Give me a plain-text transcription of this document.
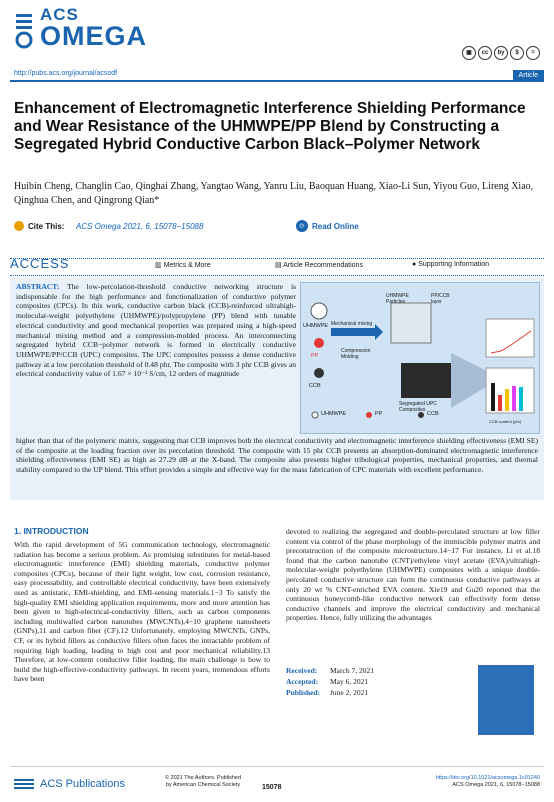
ACS
OMEGA
▣	cc	by	$	=
http://pubs.acs.org/journal/acsodf	Article
Enhancement of Electromagnetic Interference Shielding Performance and Wear Resistance of the UHMWPE/PP Blend by Constructing a Segregated Hybrid Conductive Carbon Black–Polymer Network
Huibin Cheng, Changlin Cao, Qinghai Zhang, Yangtao Wang, Yanru Liu, Baoquan Huang, Xiao-Li Sun, Yiyou Guo, Lireng Xiao, Qinghua Chen, and Qingrong Qian*
Cite This: ACS Omega 2021, 6, 15078−15088	⟳ Read Online
ACCESS	▥ Metrics & More	▤ Article Recommendations	● Supporting Information
ABSTRACT: The low-percolation-threshold conductive networking structure is indispensable for the high performance and functionalization of conductive polymer composites (CPCs). In this work, conductive carbon black (CCB)-reinforced ultrahigh-molecular-weight polyethylene (UHMWPE)/polypropylene (PP) blend with tunable electrical conductivity and good mechanical properties was prepared using a high-speed mechanical mixing method and a compression-molded process. An interconnecting segregated hybrid CCB−polymer network is formed in electrically conductive UHMWPE/PP/CCB (UPC) composites. The UPC composites possess a dense conductive pathway at a low percolation threshold of 0.48 phr. The composite with 3 phr CCB gives an electrical conductivity value of 1.67 × 10⁻³ S/cm, 12 orders of magnitude
UHMWPE
PP
CCB
UHMWPE Particles
PP/CCB layer
Mechanical mixing
Compression Molding
Segregated UPC Composites
UHMWPE	PP	CCB
CCB content (phr)
higher than that of the polymeric matrix, suggesting that CCB improves both the electrical conductivity and electromagnetic interference shielding effectiveness (EMI SE) of the composite at the loading fraction over its percolation threshold. The composite with 15 phr CCB presents an absorption-dominated electromagnetic interference shielding effectiveness (EMI SE) as high as 27.29 dB at the X-band. The composite also presents higher tribological properties, mechanical properties, and thermal stability compared to the UP blend. This effort provides a simple and effective way for the mass fabrication of CPC materials with excellent performance.
1. INTRODUCTION
With the rapid development of 5G communication technology, electromagnetic radiation has become a serious problem. As promising substitutes for metal-based electromagnetic interference (EMI) shielding materials, conductive polymer composites (CPCs), because of their light weight, low cost, corrosion resistance, easy processability, and controllable electrical conductivity, have been extensively used as antistatic, EMI-shielding, and EMI-sensing materials.1−3 To satisfy the high-quality EMI shielding application requirements, more and more attention has been given to high-electrical-conductivity fillers, such as carbon components including multiwalled carbon nanotubes (MWCNTs),4−10 graphene nanosheets (GNPs),11 and carbon fiber (CF).12 Unfortunately, employing MWCNTs, GNPs, CF, or its hybrid fillers as conductive fillers often faces the intractable problem of requiring high loading, leading to high cost and poor mechanical reliability.13 Therefore, at low-content conductive filler loading, the main challenge is how to build the high-effective-conductivity pathways. In recent years, tremendous efforts have been
devoted to realizing the segregated and double-percolated structure at low filler content via control of the phase morphology of the immiscible polymer matrix and preconstruction of the composite microstructure.14−17 For instance, Li et al.18 found that the carbon nanotube (CNT)/ethylene vinyl acetate (EVA)/ultrahigh-molecular-weight polyethylene (UHMWPE) composites with a unique double-percolated conductive structure can form the continuous conductive pathways at only 20 wt % CNT-enriched EVA content. Xie19 and Gu20 reported that the continuous honeycomb-like conductive network can effectively form dense conductive channels and improve the electrical conductivity and mechanical properties. Hence, fully utilizing the advantages
Received: March 7, 2021
Accepted: May 6, 2021
Published: June 2, 2021
ACS Publications	© 2021 The Authors. Published by American Chemical Society	15078
https://doi.org/10.1021/acsomega.1c01240
ACS Omega 2021, 6, 15078−15088
